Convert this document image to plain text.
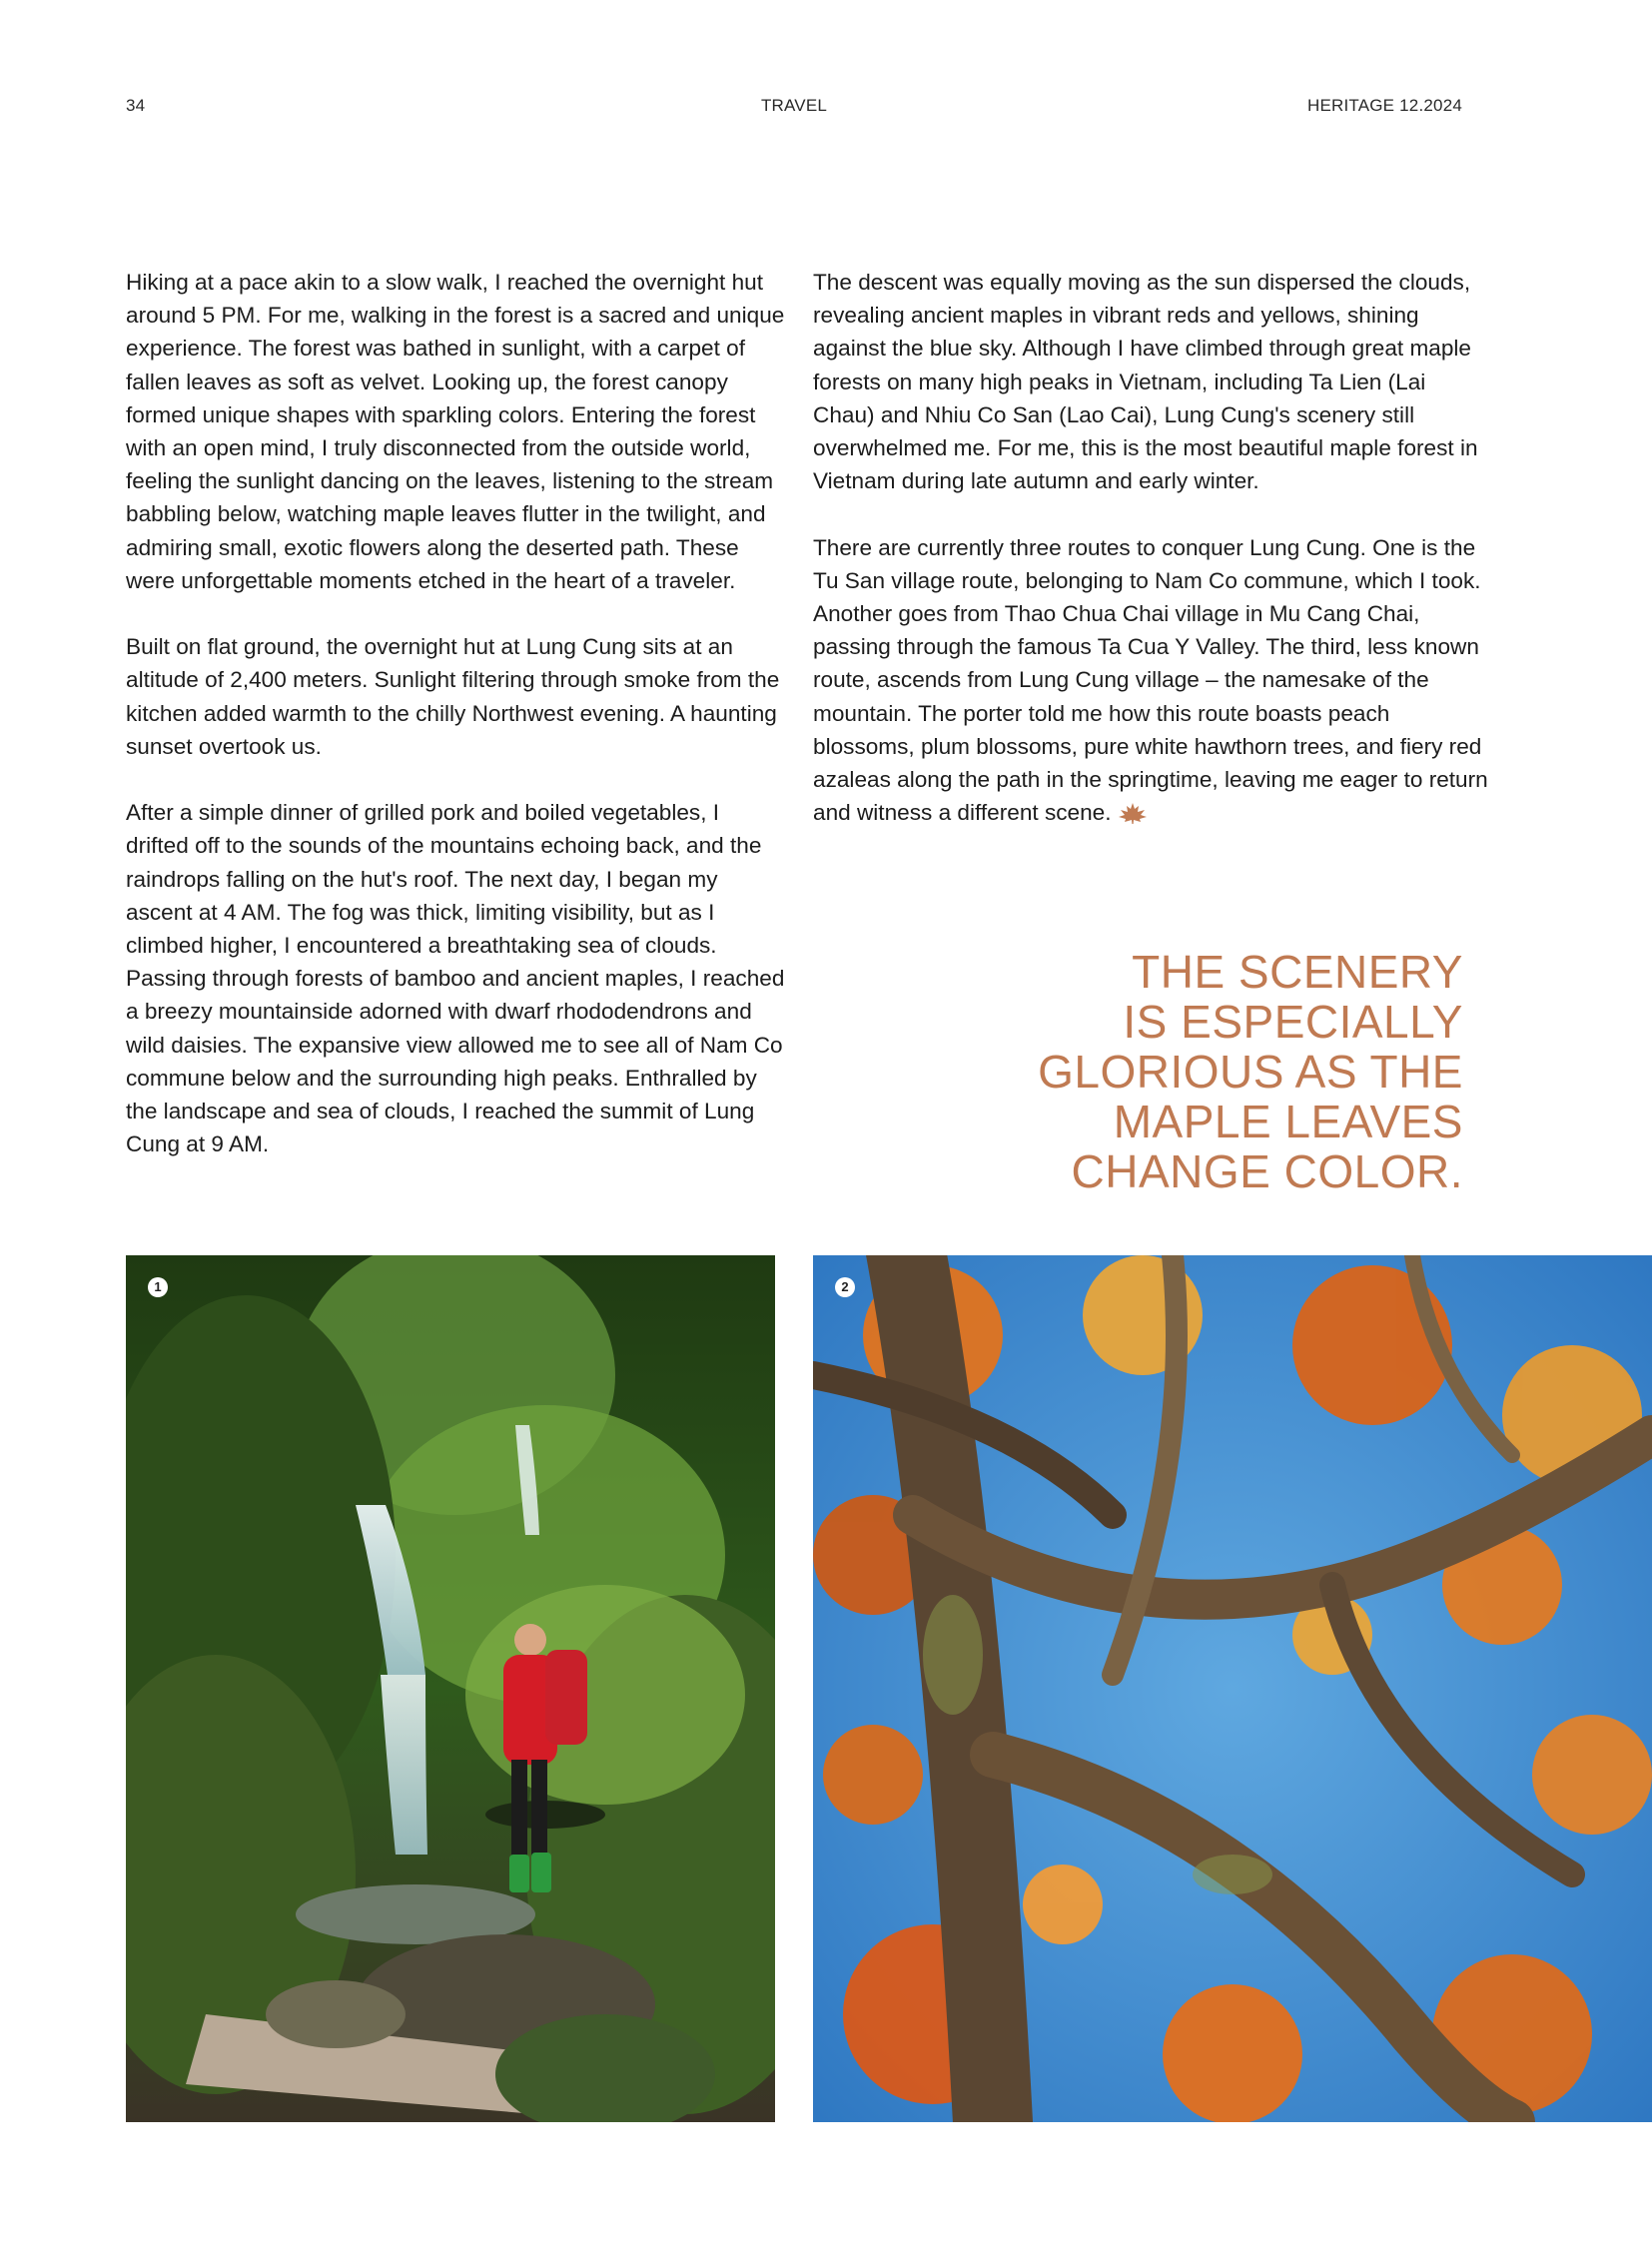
34	TRAVEL	HERITAGE 12.2024

Hiking at a pace akin to a slow walk, I reached the overnight hut around 5 PM. For me, walking in the forest is a sacred and unique experience. The forest was bathed in sunlight, with a carpet of fallen leaves as soft as velvet. Looking up, the forest canopy formed unique shapes with sparkling colors. Entering the forest with an open mind, I truly disconnected from the outside world, feeling the sunlight dancing on the leaves, listening to the stream babbling below, watching maple leaves flutter in the twilight, and admiring small, exotic flowers along the deserted path. These were unforgettable moments etched in the heart of a traveler.

Built on flat ground, the overnight hut at Lung Cung sits at an altitude of 2,400 meters. Sunlight filtering through smoke from the kitchen added warmth to the chilly Northwest evening. A haunting sunset overtook us.

After a simple dinner of grilled pork and boiled vegetables, I drifted off to the sounds of the mountains echoing back, and the raindrops falling on the hut's roof. The next day, I began my ascent at 4 AM. The fog was thick, limiting visibility, but as I climbed higher, I encountered a breathtaking sea of clouds. Passing through forests of bamboo and ancient maples, I reached a breezy mountainside adorned with dwarf rhododendrons and wild daisies. The expansive view allowed me to see all of Nam Co commune below and the surrounding high peaks. Enthralled by the landscape and sea of clouds, I reached the summit of Lung Cung at 9 AM.

The descent was equally moving as the sun dispersed the clouds, revealing ancient maples in vibrant reds and yellows, shining against the blue sky. Although I have climbed through great maple forests on many high peaks in Vietnam, including Ta Lien (Lai Chau) and Nhiu Co San (Lao Cai), Lung Cung's scenery still overwhelmed me. For me, this is the most beautiful maple forest in Vietnam during late autumn and early winter.

There are currently three routes to conquer Lung Cung. One is the Tu San village route, belonging to Nam Co commune, which I took. Another goes from Thao Chua Chai village in Mu Cang Chai, passing through the famous Ta Cua Y Valley. The third, less known route, ascends from Lung Cung village – the namesake of the mountain. The porter told me how this route boasts peach blossoms, plum blossoms, pure white hawthorn trees, and fiery red azaleas along the path in the springtime, leaving me eager to return and witness a different scene.

THE SCENERY
IS ESPECIALLY
GLORIOUS AS THE
MAPLE LEAVES
CHANGE COLOR.
1	2
